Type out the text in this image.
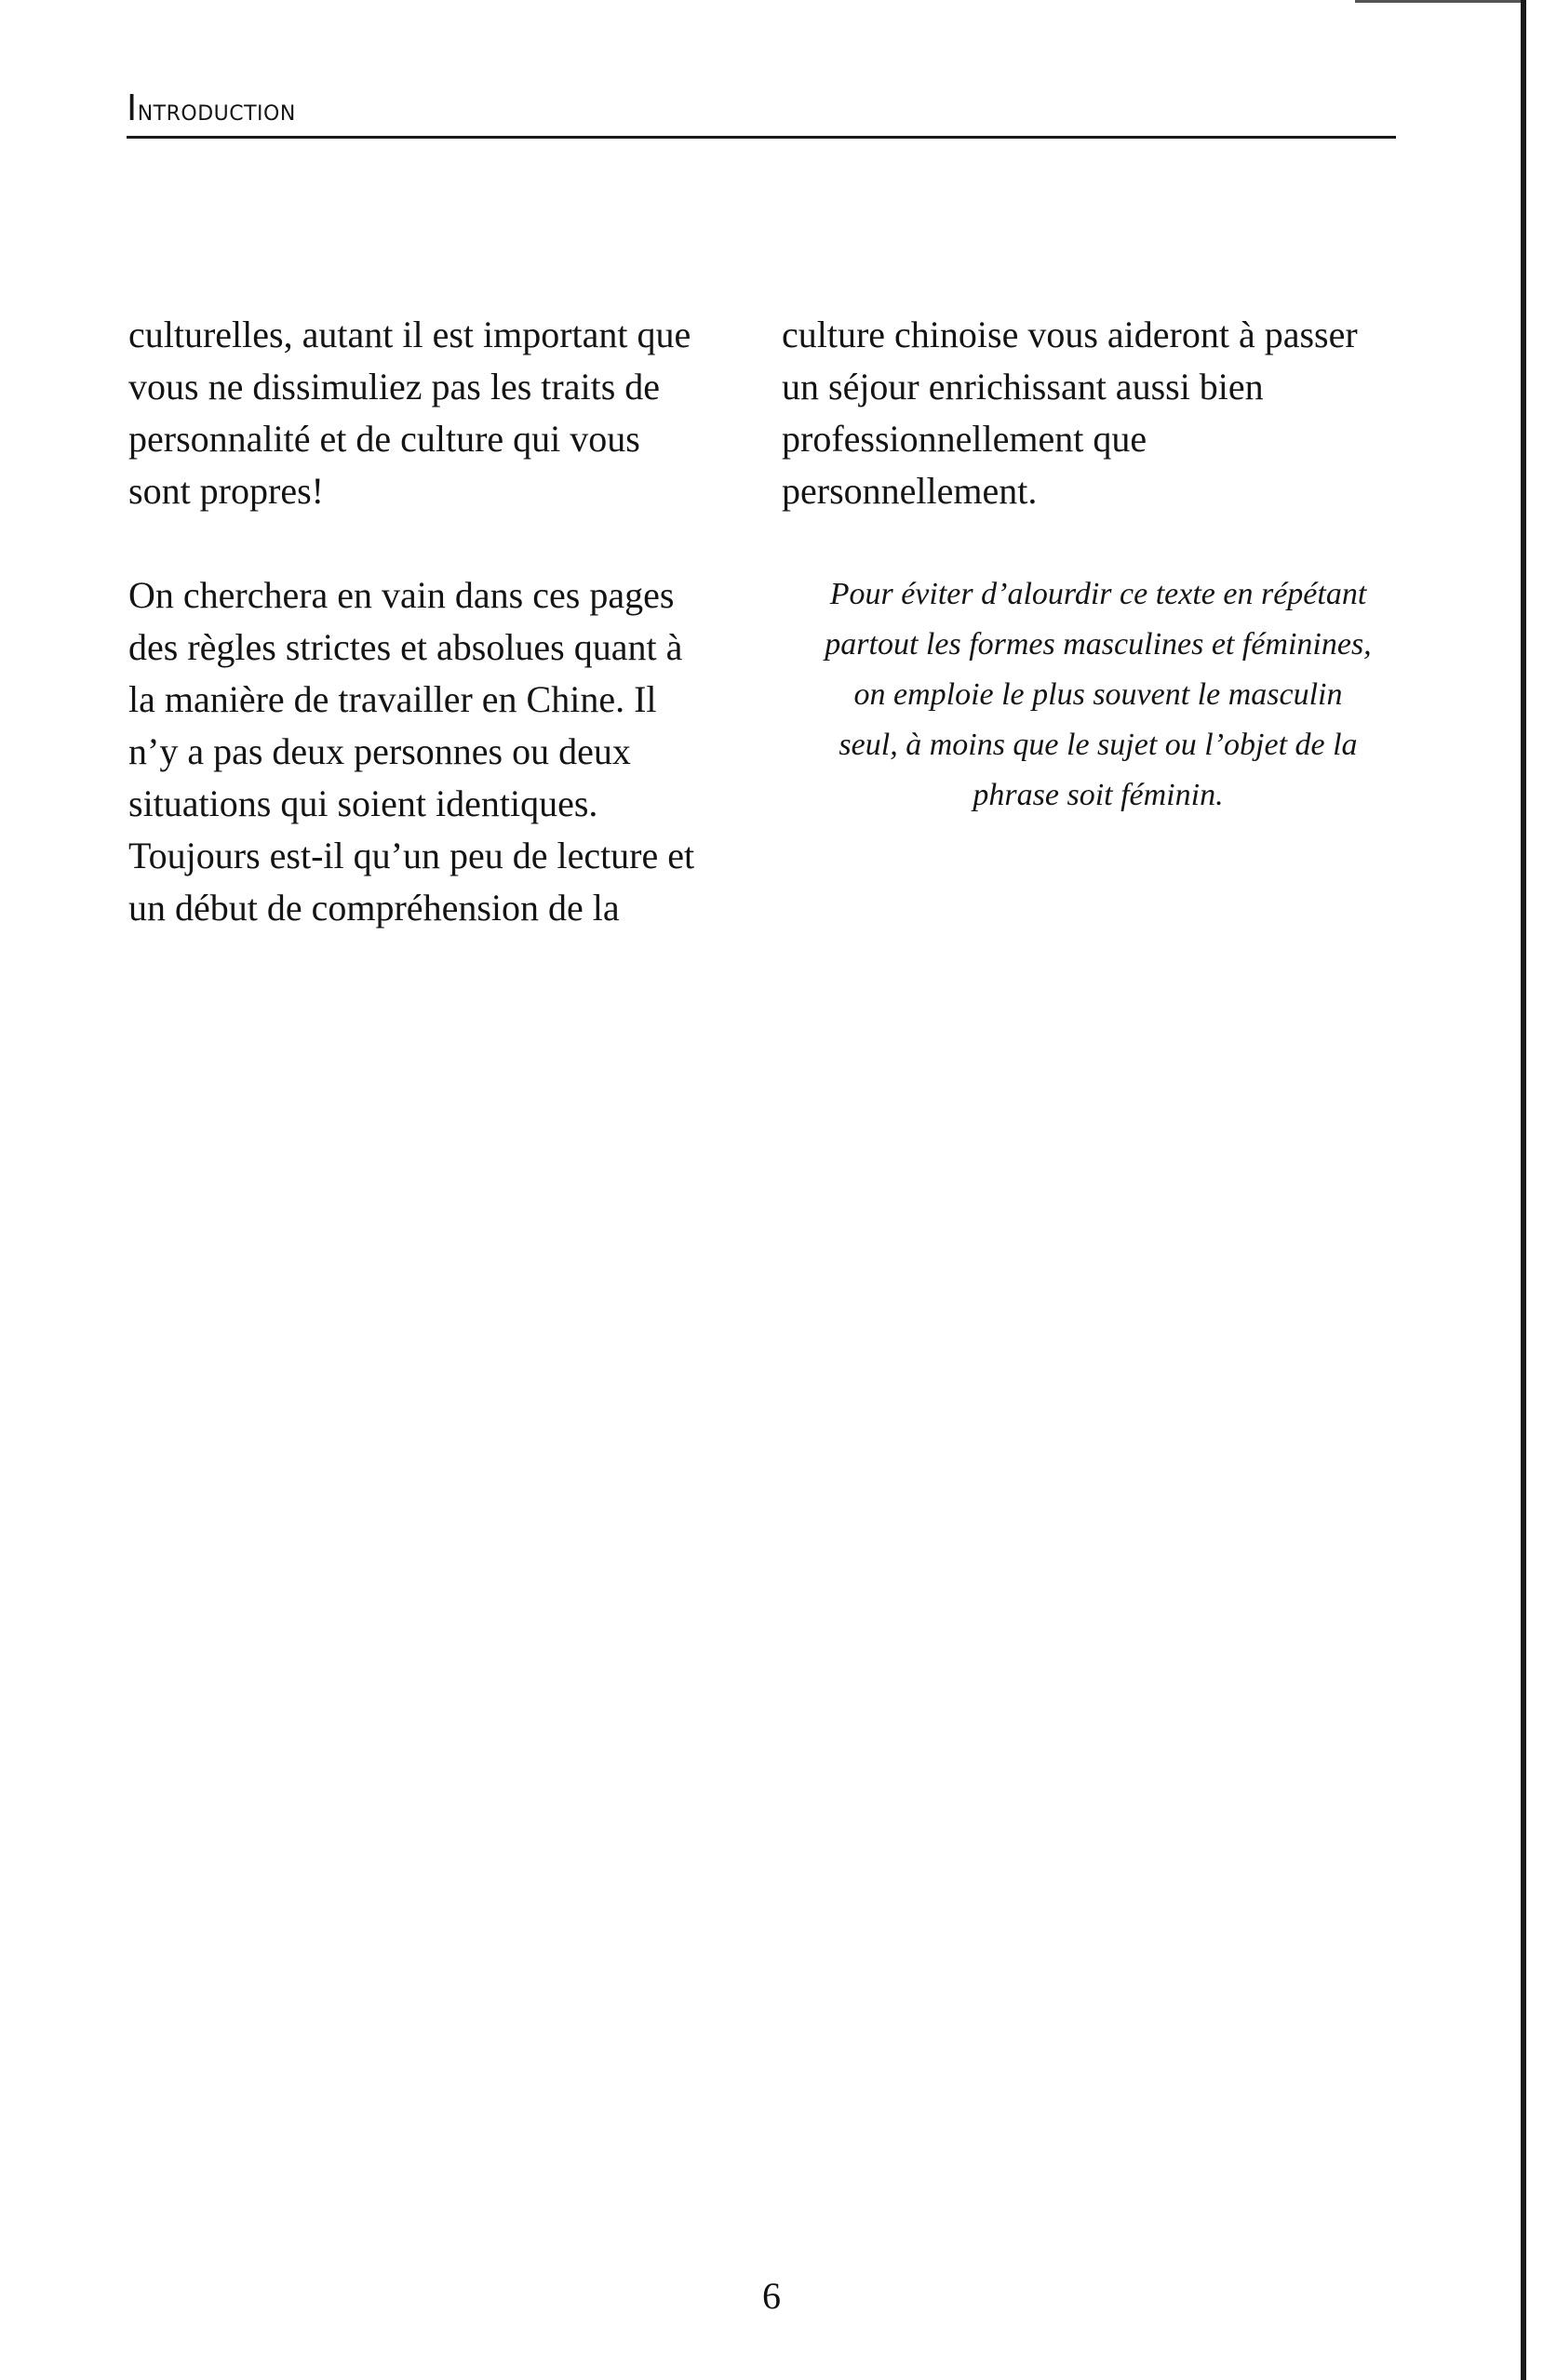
Introduction

culturelles, autant il est important que
vous ne dissimuliez pas les traits de
personnalité et de culture qui vous
sont propres!

On cherchera en vain dans ces pages
des règles strictes et absolues quant à
la manière de travailler en Chine. Il
n’y a pas deux personnes ou deux
situations qui soient identiques.
Toujours est-il qu’un peu de lecture et
un début de compréhension de la

culture chinoise vous aideront à passer
un séjour enrichissant aussi bien
professionnellement que
personnellement.

Pour éviter d’alourdir ce texte en répétant
partout les formes masculines et féminines,
on emploie le plus souvent le masculin
seul, à moins que le sujet ou l’objet de la
phrase soit féminin.

6
